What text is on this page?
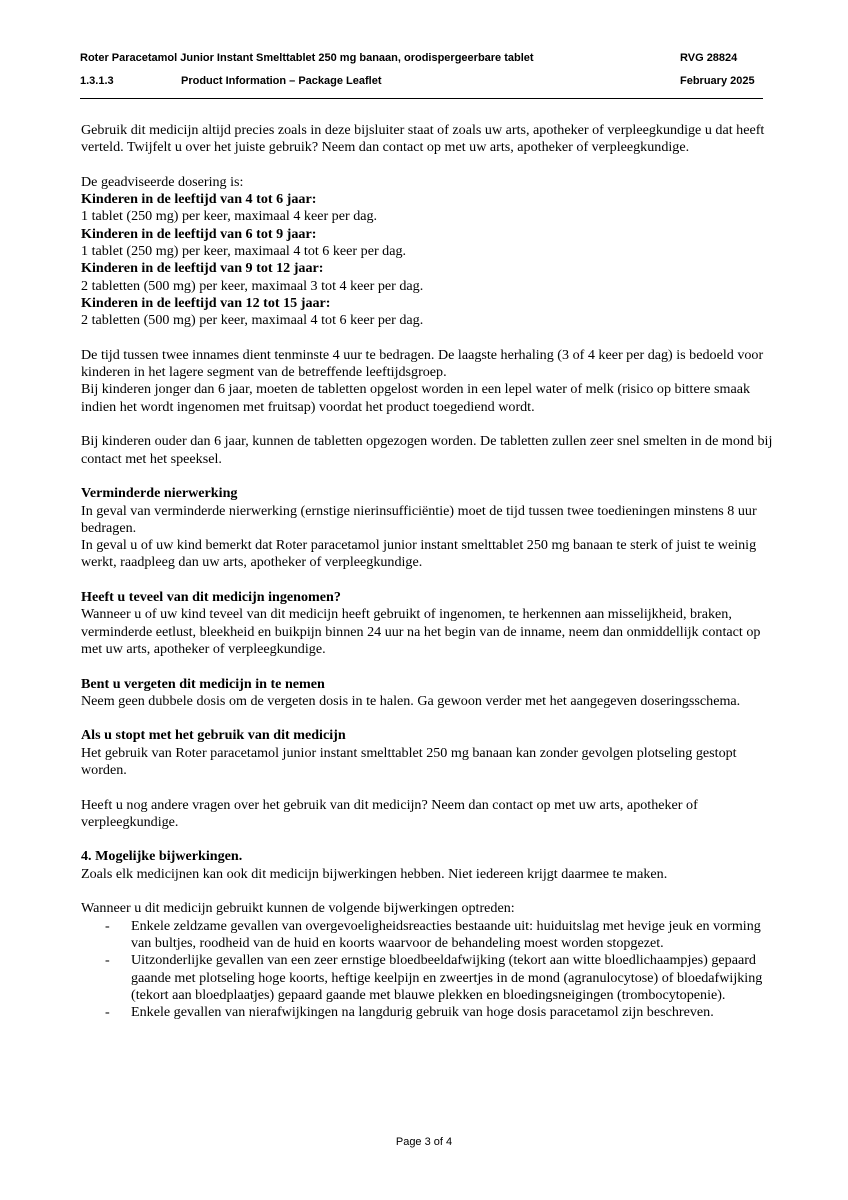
Roter Paracetamol Junior Instant Smelttablet 250 mg banaan, orodispergeerbare tablet	RVG 28824
1.3.1.3	Product Information – Package Leaflet	February 2025

Gebruik dit medicijn altijd precies zoals in deze bijsluiter staat of zoals uw arts, apotheker of verpleegkundige u dat heeft verteld. Twijfelt u over het juiste gebruik? Neem dan contact op met uw arts, apotheker of verpleegkundige.

De geadviseerde dosering is:

Kinderen in de leeftijd van 4 tot 6 jaar:

1 tablet (250 mg) per keer, maximaal 4 keer per dag.

Kinderen in de leeftijd van 6 tot 9 jaar:

1 tablet (250 mg) per keer, maximaal 4 tot 6 keer per dag.

Kinderen in de leeftijd van 9 tot 12 jaar:

2 tabletten (500 mg) per keer, maximaal 3 tot 4 keer per dag.

Kinderen in de leeftijd van 12 tot 15 jaar:

2 tabletten (500 mg) per keer, maximaal 4 tot 6 keer per dag.

De tijd tussen twee innames dient tenminste 4 uur te bedragen. De laagste herhaling (3 of 4 keer per dag) is bedoeld voor kinderen in het lagere segment van de betreffende leeftijdsgroep.

Bij kinderen jonger dan 6 jaar, moeten de tabletten opgelost worden in een lepel water of melk (risico op bittere smaak indien het wordt ingenomen met fruitsap) voordat het product toegediend wordt.

Bij kinderen ouder dan 6 jaar, kunnen de tabletten opgezogen worden. De tabletten zullen zeer snel smelten in de mond bij contact met het speeksel.

Verminderde nierwerking

In geval van verminderde nierwerking (ernstige nierinsufficiëntie) moet de tijd tussen twee toedieningen minstens 8 uur bedragen.

In geval u of uw kind bemerkt dat Roter paracetamol junior instant smelttablet 250 mg banaan te sterk of juist te weinig werkt, raadpleeg dan uw arts, apotheker of verpleegkundige.

Heeft u teveel van dit medicijn ingenomen?

Wanneer u of uw kind teveel van dit medicijn heeft gebruikt of ingenomen, te herkennen aan misselijkheid, braken, verminderde eetlust, bleekheid en buikpijn binnen 24 uur na het begin van de inname, neem dan onmiddellijk contact op met uw arts, apotheker of verpleegkundige.

Bent u vergeten dit medicijn in te nemen

Neem geen dubbele dosis om de vergeten dosis in te halen. Ga gewoon verder met het aangegeven doseringsschema.

Als u stopt met het gebruik van dit medicijn

Het gebruik van Roter paracetamol junior instant smelttablet 250 mg banaan kan zonder gevolgen plotseling gestopt worden.

Heeft u nog andere vragen over het gebruik van dit medicijn? Neem dan contact op met uw arts, apotheker of verpleegkundige.

4. Mogelijke bijwerkingen.

Zoals elk medicijnen kan ook dit medicijn bijwerkingen hebben. Niet iedereen krijgt daarmee te maken.

Wanneer u dit medicijn gebruikt kunnen de volgende bijwerkingen optreden:

- Enkele zeldzame gevallen van overgevoeligheidsreacties bestaande uit: huiduitslag met hevige jeuk en vorming van bultjes, roodheid van de huid en koorts waarvoor de behandeling moest worden stopgezet.
- Uitzonderlijke gevallen van een zeer ernstige bloedbeeldafwijking (tekort aan witte bloedlichaampjes) gepaard gaande met plotseling hoge koorts, heftige keelpijn en zweertjes in de mond (agranulocytose) of bloedafwijking (tekort aan bloedplaatjes) gepaard gaande met blauwe plekken en bloedingsneigingen (trombocytopenie).
- Enkele gevallen van nierafwijkingen na langdurig gebruik van hoge dosis paracetamol zijn beschreven.
Page 3 of 4
